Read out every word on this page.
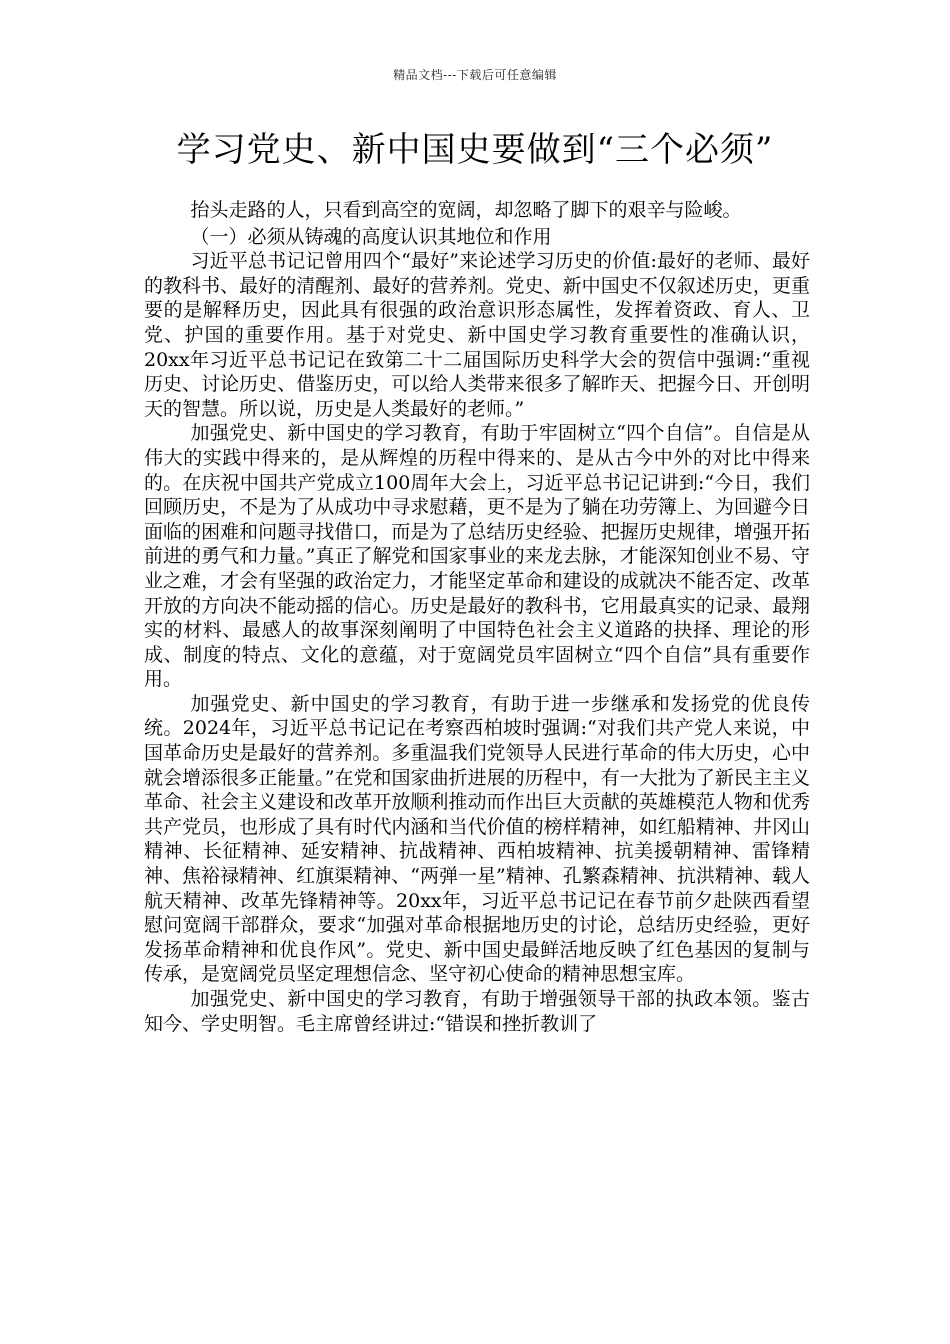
精品文档---下载后可任意编辑
学习党史、新中国史要做到“三个必须”

抬头走路的人，只看到高空的宽阔，却忽略了脚下的艰辛与险峻。

（一）必须从铸魂的高度认识其地位和作用

习近平总书记记曾用四个“最好”来论述学习历史的价值:最好的老师、最好的教科书、最好的清醒剂、最好的营养剂。党史、新中国史不仅叙述历史，更重要的是解释历史，因此具有很强的政治意识形态属性，发挥着资政、育人、卫党、护国的重要作用。基于对党史、新中国史学习教育重要性的准确认识，20xx年习近平总书记记在致第二十二届国际历史科学大会的贺信中强调:“重视历史、讨论历史、借鉴历史，可以给人类带来很多了解昨天、把握今日、开创明天的智慧。所以说，历史是人类最好的老师。”

加强党史、新中国史的学习教育，有助于牢固树立“四个自信”。自信是从伟大的实践中得来的，是从辉煌的历程中得来的、是从古今中外的对比中得来的。在庆祝中国共产党成立100周年大会上，习近平总书记记讲到:“今日，我们回顾历史，不是为了从成功中寻求慰藉，更不是为了躺在功劳簿上、为回避今日面临的困难和问题寻找借口，而是为了总结历史经验、把握历史规律，增强开拓前进的勇气和力量。”真正了解党和国家事业的来龙去脉，才能深知创业不易、守业之难，才会有坚强的政治定力，才能坚定革命和建设的成就决不能否定、改革开放的方向决不能动摇的信心。历史是最好的教科书，它用最真实的记录、最翔实的材料、最感人的故事深刻阐明了中国特色社会主义道路的抉择、理论的形成、制度的特点、文化的意蕴，对于宽阔党员牢固树立“四个自信”具有重要作用。

加强党史、新中国史的学习教育，有助于进一步继承和发扬党的优良传统。2024年，习近平总书记记在考察西柏坡时强调:“对我们共产党人来说，中国革命历史是最好的营养剂。多重温我们党领导人民进行革命的伟大历史，心中就会增添很多正能量。”在党和国家曲折进展的历程中，有一大批为了新民主主义革命、社会主义建设和改革开放顺利推动而作出巨大贡献的英雄模范人物和优秀共产党员，也形成了具有时代内涵和当代价值的榜样精神，如红船精神、井冈山精神、长征精神、延安精神、抗战精神、西柏坡精神、抗美援朝精神、雷锋精神、焦裕禄精神、红旗渠精神、“两弹一星”精神、孔繁森精神、抗洪精神、载人航天精神、改革先锋精神等。20xx年，习近平总书记记在春节前夕赴陕西看望慰问宽阔干部群众，要求“加强对革命根据地历史的讨论，总结历史经验，更好发扬革命精神和优良作风”。党史、新中国史最鲜活地反映了红色基因的复制与传承，是宽阔党员坚定理想信念、坚守初心使命的精神思想宝库。

加强党史、新中国史的学习教育，有助于增强领导干部的执政本领。鉴古知今、学史明智。毛主席曾经讲过:“错误和挫折教训了
